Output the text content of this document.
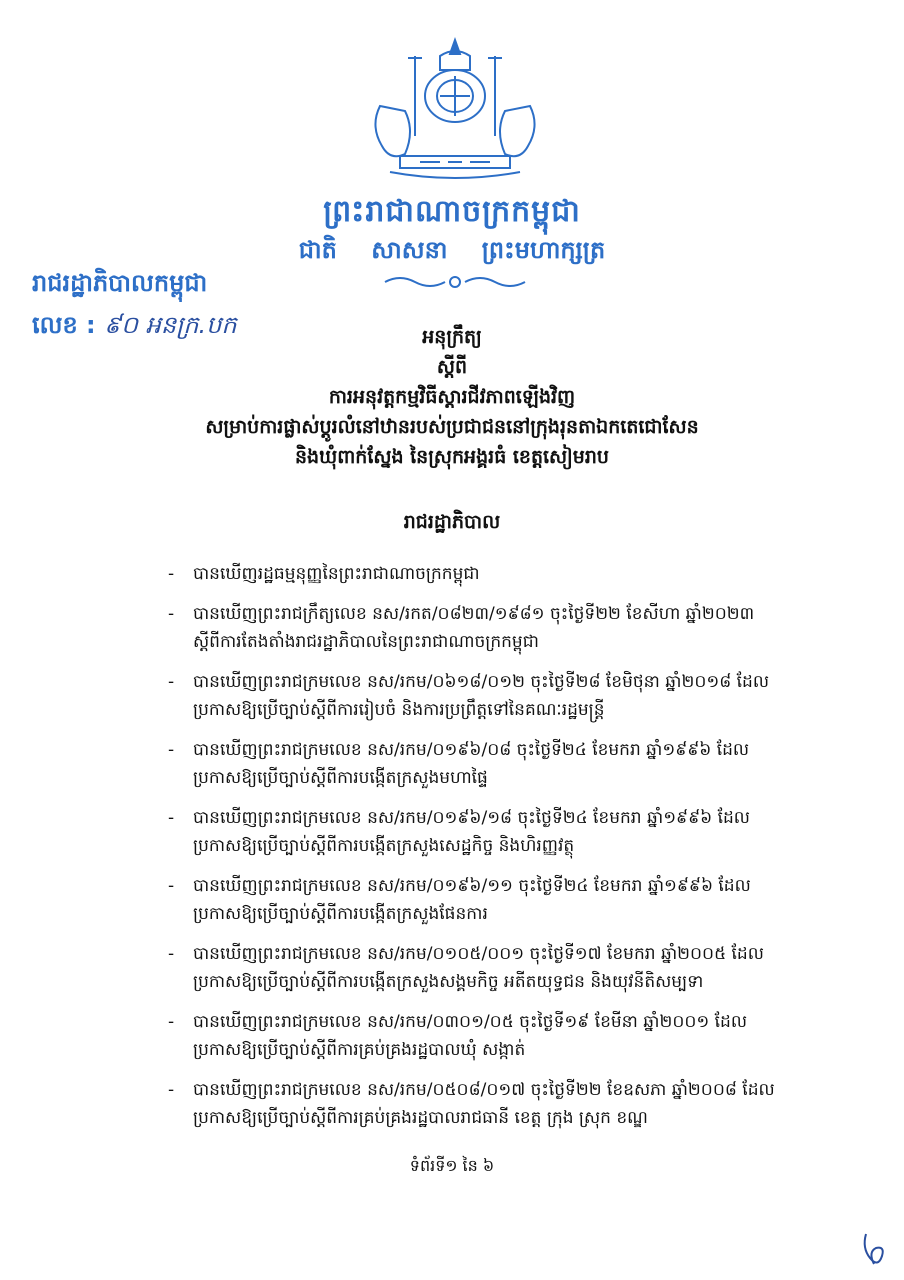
ព្រះរាជាណាចក្រកម្ពុជា
ជាតិ សាសនា ព្រះមហាក្សត្រ
រាជរដ្ឋាភិបាលកម្ពុជា
លេខ : ៩០ អនក្រ.បក	អនុក្រឹត្យ
ស្តីពី
ការអនុវត្តកម្មវិធីស្តារជីវភាពឡើងវិញ
សម្រាប់ការផ្លាស់ប្តូរលំនៅឋានរបស់ប្រជាជននៅក្រុងរុនតាឯកតេជោសែន
និងឃុំពាក់ស្នែង នៃស្រុកអង្គរធំ ខេត្តសៀមរាប
រាជរដ្ឋាភិបាល
- បានឃើញរដ្ឋធម្មនុញ្ញនៃព្រះរាជាណាចក្រកម្ពុជា
- បានឃើញព្រះរាជក្រឹត្យលេខ នស/រកត/០៨២៣/១៩៨១ ចុះថ្ងៃទី២២ ខែសីហា ឆ្នាំ២០២៣
ស្តីពីការតែងតាំងរាជរដ្ឋាភិបាលនៃព្រះរាជាណាចក្រកម្ពុជា
- បានឃើញព្រះរាជក្រមលេខ នស/រកម/០៦១៨/០១២ ចុះថ្ងៃទី២៨ ខែមិថុនា ឆ្នាំ២០១៨ ដែល
ប្រកាសឱ្យប្រើច្បាប់ស្តីពីការរៀបចំ និងការប្រព្រឹត្តទៅនៃគណៈរដ្ឋមន្ត្រី
- បានឃើញព្រះរាជក្រមលេខ នស/រកម/០១៩៦/០៨ ចុះថ្ងៃទី២៤ ខែមករា ឆ្នាំ១៩៩៦ ដែល
ប្រកាសឱ្យប្រើច្បាប់ស្តីពីការបង្កើតក្រសួងមហាផ្ទៃ
- បានឃើញព្រះរាជក្រមលេខ នស/រកម/០១៩៦/១៨ ចុះថ្ងៃទី២៤ ខែមករា ឆ្នាំ១៩៩៦ ដែល
ប្រកាសឱ្យប្រើច្បាប់ស្តីពីការបង្កើតក្រសួងសេដ្ឋកិច្ច និងហិរញ្ញវត្ថុ
- បានឃើញព្រះរាជក្រមលេខ នស/រកម/០១៩៦/១១ ចុះថ្ងៃទី២៤ ខែមករា ឆ្នាំ១៩៩៦ ដែល
ប្រកាសឱ្យប្រើច្បាប់ស្តីពីការបង្កើតក្រសួងផែនការ
- បានឃើញព្រះរាជក្រមលេខ នស/រកម/០១០៥/០០១ ចុះថ្ងៃទី១៧ ខែមករា ឆ្នាំ២០០៥ ដែល
ប្រកាសឱ្យប្រើច្បាប់ស្តីពីការបង្កើតក្រសួងសង្គមកិច្ច អតីតយុទ្ធជន និងយុវនីតិសម្បទា
- បានឃើញព្រះរាជក្រមលេខ នស/រកម/០៣០១/០៥ ចុះថ្ងៃទី១៩ ខែមីនា ឆ្នាំ២០០១ ដែល
ប្រកាសឱ្យប្រើច្បាប់ស្តីពីការគ្រប់គ្រងរដ្ឋបាលឃុំ សង្កាត់
- បានឃើញព្រះរាជក្រមលេខ នស/រកម/០៥០៨/០១៧ ចុះថ្ងៃទី២២ ខែឧសភា ឆ្នាំ២០០៨ ដែល
ប្រកាសឱ្យប្រើច្បាប់ស្តីពីការគ្រប់គ្រងរដ្ឋបាលរាជធានី ខេត្ត ក្រុង ស្រុក ខណ្ឌ
ទំព័រទី១ នៃ ៦
